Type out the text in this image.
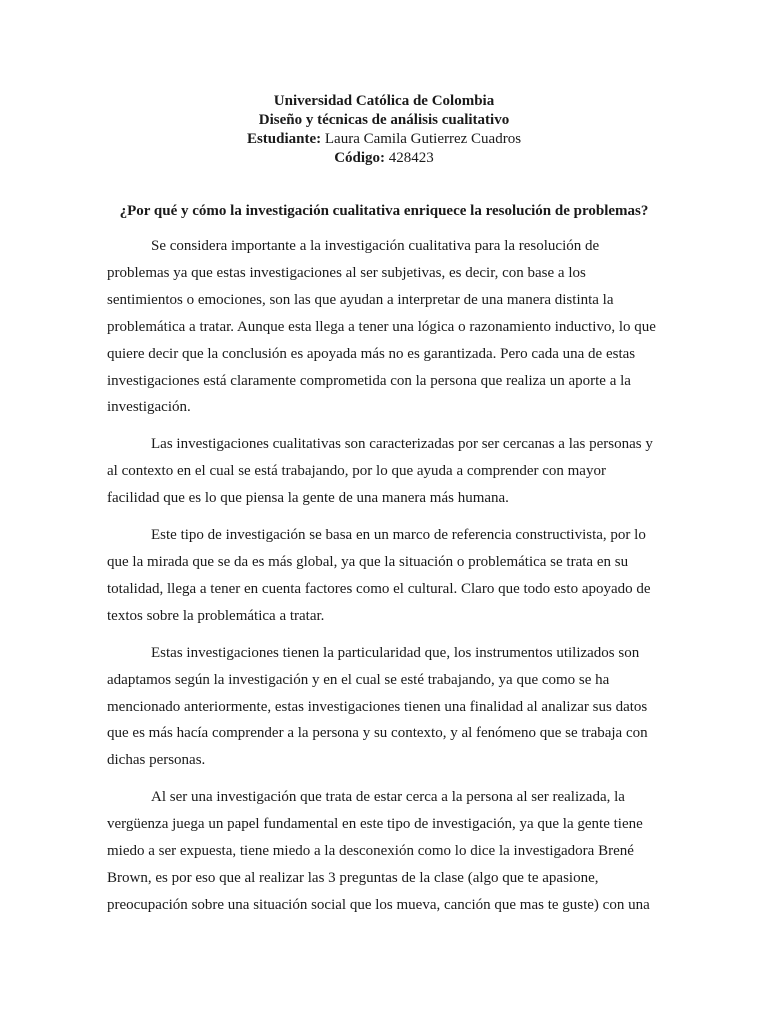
Universidad Católica de Colombia
Diseño y técnicas de análisis cualitativo
Estudiante: Laura Camila Gutierrez Cuadros
Código: 428423
¿Por qué y cómo la investigación cualitativa enriquece la resolución de problemas?
Se considera importante a la investigación cualitativa para la resolución de
problemas ya que estas investigaciones al ser subjetivas, es decir, con base a los
sentimientos o emociones, son las que ayudan a interpretar de una manera distinta la
problemática a tratar. Aunque esta llega a tener una lógica o razonamiento inductivo, lo que
quiere decir que la conclusión es apoyada más no es garantizada. Pero cada una de estas
investigaciones está claramente comprometida con la persona que realiza un aporte a la
investigación.
Las investigaciones cualitativas son caracterizadas por ser cercanas a las personas y
al contexto en el cual se está trabajando, por lo que ayuda a comprender con mayor
facilidad que es lo que piensa la gente de una manera más humana.
Este tipo de investigación se basa en un marco de referencia constructivista, por lo
que la mirada que se da es más global, ya que la situación o problemática se trata en su
totalidad, llega a tener en cuenta factores como el cultural. Claro que todo esto apoyado de
textos sobre la problemática a tratar.
Estas investigaciones tienen la particularidad que, los instrumentos utilizados son
adaptamos según la investigación y en el cual se esté trabajando, ya que como se ha
mencionado anteriormente, estas investigaciones tienen una finalidad al analizar sus datos
que es más hacía comprender a la persona y su contexto, y al fenómeno que se trabaja con
dichas personas.
Al ser una investigación que trata de estar cerca a la persona al ser realizada, la
vergüenza juega un papel fundamental en este tipo de investigación, ya que la gente tiene
miedo a ser expuesta, tiene miedo a la desconexión como lo dice la investigadora Brené
Brown, es por eso que al realizar las 3 preguntas de la clase (algo que te apasione,
preocupación sobre una situación social que los mueva, canción que mas te guste) con una
